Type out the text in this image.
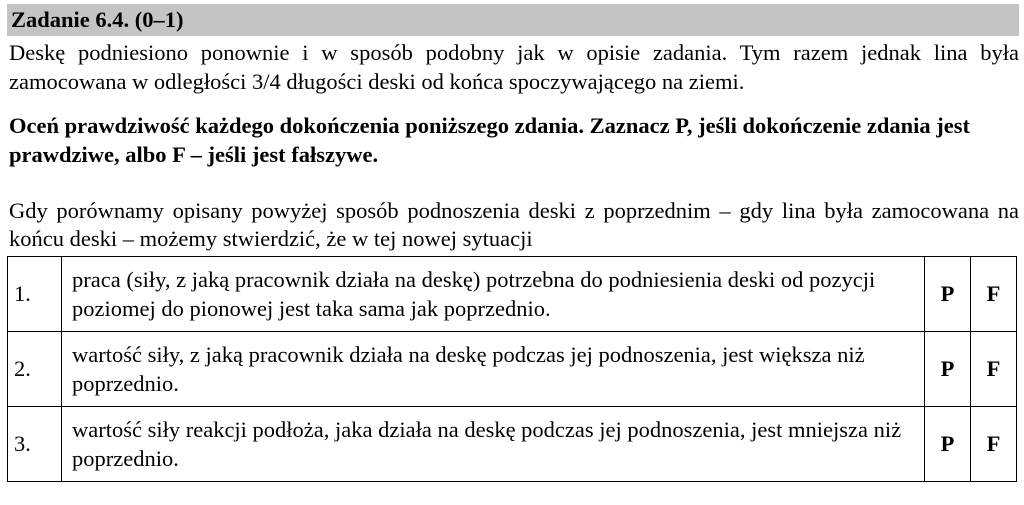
Zadanie 6.4. (0–1)
Deskę podniesiono ponownie i w sposób podobny jak w opisie zadania. Tym razem jednak lina była zamocowana w odległości 3/4 długości deski od końca spoczywającego na ziemi.
Oceń prawdziwość każdego dokończenia poniższego zdania. Zaznacz P, jeśli dokończenie zdania jest prawdziwe, albo F – jeśli jest fałszywe.
Gdy porównamy opisany powyżej sposób podnoszenia deski z poprzednim – gdy lina była zamocowana na końcu deski – możemy stwierdzić, że w tej nowej sytuacji
1.	praca (siły, z jaką pracownik działa na deskę) potrzebna do podniesienia deski od pozycji poziomej do pionowej jest taka sama jak poprzednio.	P	F
2.	wartość siły, z jaką pracownik działa na deskę podczas jej podnoszenia, jest większa niż poprzednio.	P	F
3.	wartość siły reakcji podłoża, jaka działa na deskę podczas jej podnoszenia, jest mniejsza niż poprzednio.	P	F
